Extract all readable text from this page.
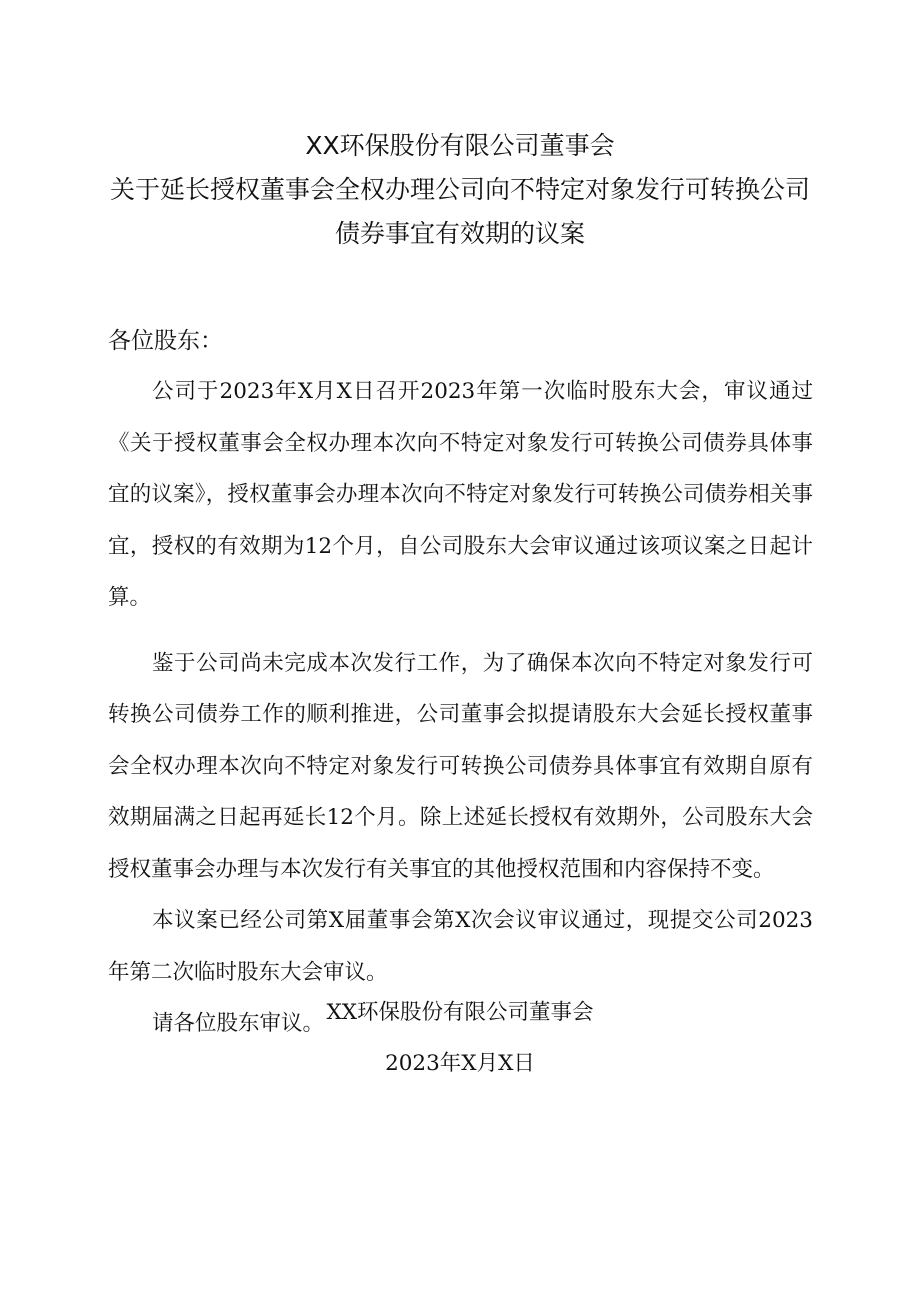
XX环保股份有限公司董事会
关于延长授权董事会全权办理公司向不特定对象发行可转换公司
债券事宜有效期的议案

各位股东：

公司于2023年X月X日召开2023年第一次临时股东大会，审议通过《关于授权董事会全权办理本次向不特定对象发行可转换公司债券具体事宜的议案》，授权董事会办理本次向不特定对象发行可转换公司债券相关事宜，授权的有效期为12个月，自公司股东大会审议通过该项议案之日起计算。

鉴于公司尚未完成本次发行工作，为了确保本次向不特定对象发行可转换公司债券工作的顺利推进，公司董事会拟提请股东大会延长授权董事会全权办理本次向不特定对象发行可转换公司债券具体事宜有效期自原有效期届满之日起再延长12个月。除上述延长授权有效期外，公司股东大会授权董事会办理与本次发行有关事宜的其他授权范围和内容保持不变。

本议案已经公司第X届董事会第X次会议审议通过，现提交公司2023年第二次临时股东大会审议。

请各位股东审议。 XX环保股份有限公司董事会
2023年X月X日
